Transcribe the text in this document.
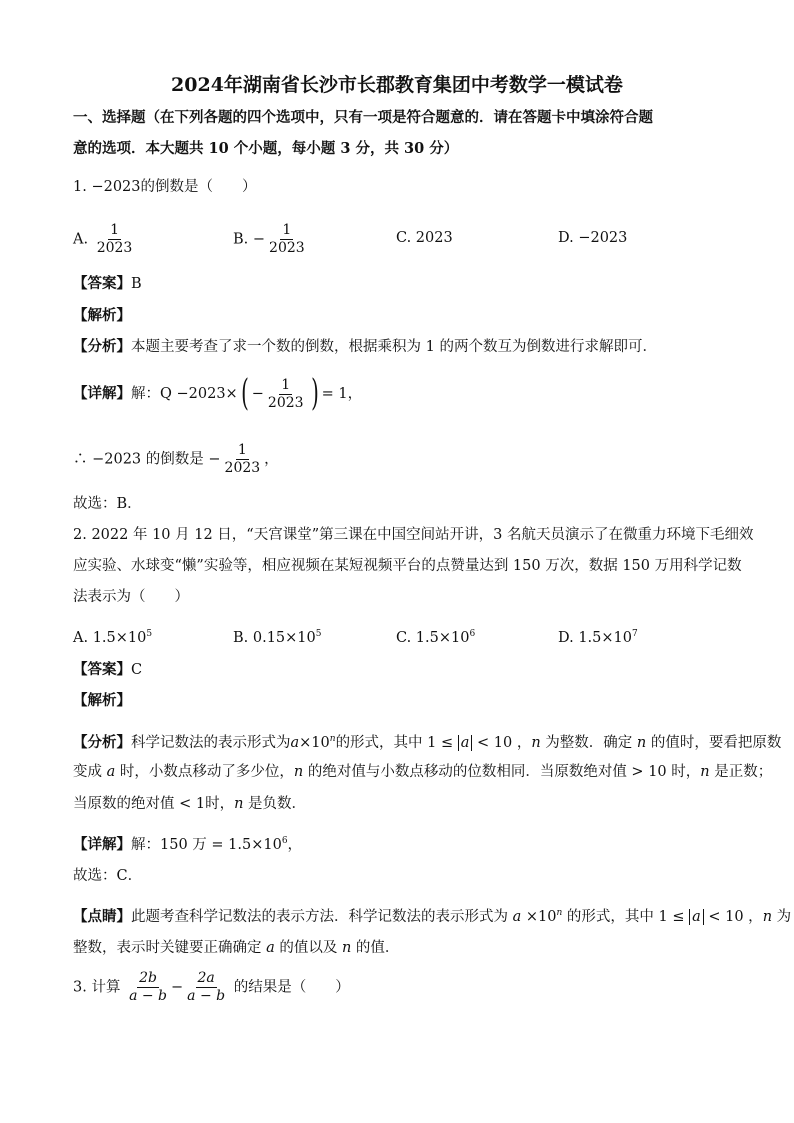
2024年湖南省长沙市长郡教育集团中考数学一模试卷
一、选择题（在下列各题的四个选项中，只有一项是符合题意的．请在答题卡中填涂符合题
意的选项．本大题共 10 个小题，每小题 3 分，共 30 分）
1. −2023的倒数是（　　）
A. $\frac{1}{2023}$	B. − $\frac{1}{2023}$	C. 2023	D. −2023
【答案】B
【解析】
【分析】本题主要考查了求一个数的倒数，根据乘积为 1 的两个数互为倒数进行求解即可．
【详解】解：$Q -2023\times( - \frac{1}{2023}$ ) = 1，
∴ −2023 的倒数是 − $\frac{1}{2023}$ ，
故选：B．
2. 2022 年 10 月 12 日，“天宫课堂”第三课在中国空间站开讲，3 名航天员演示了在微重力环境下毛细效
应实验、水球变“懒”实验等，相应视频在某短视频平台的点赞量达到 150 万次，数据 150 万用科学记数
法表示为（　　）
A. $1.5\times 10^5$	B. $0.15\times 10^5$	C. $1.5\times 10^6$	D. $1.5\times 10^7$
【答案】C
【解析】
【分析】科学记数法的表示形式为$a\times 10^n$的形式，其中 1 ≤ a < 10 ，n 为整数．确定 n 的值时，要看把原数
变成 a 时，小数点移动了多少位，n 的绝对值与小数点移动的位数相同．当原数绝对值 > 10 时，n 是正数；
当原数的绝对值 < 1时，n 是负数．
【详解】解：150 万 = $1.5\times 10^6$，
故选：C．
【点睛】此题考查科学记数法的表示方法．科学记数法的表示形式为 $a \times 10^n$ 的形式，其中 1 ≤ a < 10 ，n 为
整数，表示时关键要正确确定 a 的值以及 n 的值．
3. 计算 $\frac{2b}{a - b} - \frac{2a}{a - b}$ 的结果是（　　）
